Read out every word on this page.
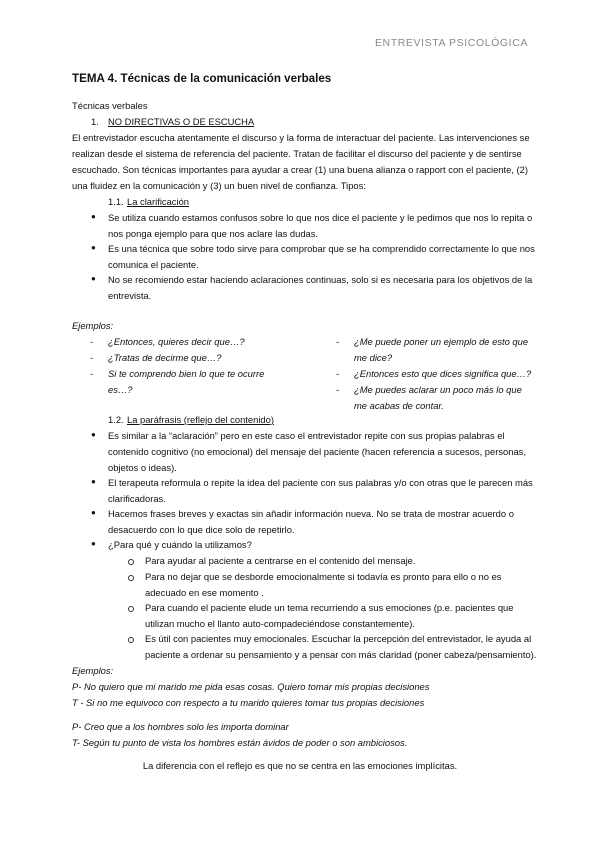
ENTREVISTA PSICOLÓGICA
TEMA 4. Técnicas de la comunicación verbales
Técnicas verbales
1. NO DIRECTIVAS O DE ESCUCHA
El entrevistador escucha atentamente el discurso y la forma de interactuar del paciente. Las intervenciones se
realizan desde el sistema de referencia del paciente. Tratan de facilitar el discurso del paciente y de sentirse
escuchado. Son técnicas importantes para ayudar a crear (1) una buena alianza o rapport con el paciente, (2)
una fluidez en la comunicación y (3) un buen nivel de confianza. Tipos:
1.1. La clarificación
● Se utiliza cuando estamos confusos sobre lo que nos dice el paciente y le pedimos que nos lo repita o
nos ponga ejemplo para que nos aclare las dudas.
● Es una técnica que sobre todo sirve para comprobar que se ha comprendido correctamente lo que nos
comunica el paciente.
● No se recomiendo estar haciendo aclaraciones continuas, solo si es necesaria para los objetivos de la
entrevista.
Ejemplos:
- ¿Entonces, quieres decir que…?
- ¿Tratas de decirme que…?
- Si te comprendo bien lo que te ocurre
es…?
- ¿Me puede poner un ejemplo de esto que
me dice?
- ¿Entonces esto que dices significa que…?
- ¿Me puedes aclarar un poco más lo que
me acabas de contar.
1.2. La paráfrasis (reflejo del contenido)
● Es similar a la “aclaración” pero en este caso el entrevistador repite con sus propias palabras el
contenido cognitivo (no emocional) del mensaje del paciente (hacen referencia a sucesos, personas,
objetos o ideas).
● El terapeuta reformula o repite la idea del paciente con sus palabras y/o con otras que le parecen más
clarificadoras.
● Hacemos frases breves y exactas sin añadir información nueva. No se trata de mostrar acuerdo o
desacuerdo con lo que dice solo de repetirlo.
● ¿Para qué y cuándo la utilizamos?
Para ayudar al paciente a centrarse en el contenido del mensaje.
Para no dejar que se desborde emocionalmente si todavía es pronto para ello o no es
adecuado en ese momento .
Para cuando el paciente elude un tema recurriendo a sus emociones (p.e. pacientes que
utilizan mucho el llanto auto-compadeciéndose constantemente).
Es útil con pacientes muy emocionales. Escuchar la percepción del entrevistador, le ayuda al
paciente a ordenar su pensamiento y a pensar con más claridad (poner cabeza/pensamiento).
Ejemplos:
P- No quiero que mi marido me pida esas cosas. Quiero tomar mis propias decisiones
T - Si no me equivoco con respecto a tu marido quieres tomar tus propias decisiones
P- Creo que a los hombres solo les importa dominar
T- Según tu punto de vista los hombres están ávidos de poder o son ambiciosos.
La diferencia con el reflejo es que no se centra en las emociones implícitas.
